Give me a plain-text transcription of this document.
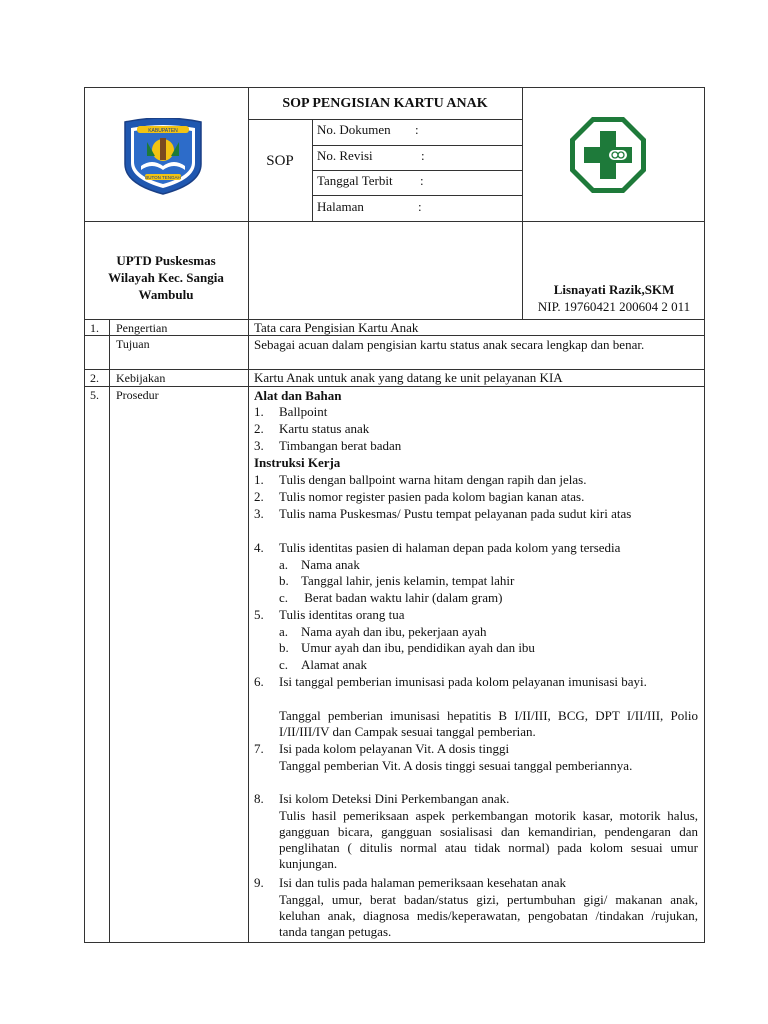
KABUPATEN
BUTON TENGAH
SOP PENGISIAN KARTU ANAK
SOP
No. Dokumen :
No. Revisi	:
Tanggal Terbit :
Halaman	:
UPTD Puskesmas
Wilayah Kec. Sangia
Wambulu	Lisnayati Razik,SKM
NIP. 19760421 200604 2 011
1. Pengertian	Tata cara Pengisian Kartu Anak
Tujuan	Sebagai acuan dalam pengisian kartu status anak secara lengkap dan benar.
2. Kebijakan	Kartu Anak untuk anak yang datang ke unit pelayanan KIA
5. Prosedur	Alat dan Bahan
1. Ballpoint
2. Kartu status anak
3. Timbangan berat badan
Instruksi Kerja
1. Tulis dengan ballpoint warna hitam dengan rapih dan jelas.
2. Tulis nomor register pasien pada kolom bagian kanan atas.
3. Tulis nama Puskesmas/ Pustu tempat pelayanan pada sudut kiri atas
4. Tulis identitas pasien di halaman depan pada kolom yang tersedia
a. Nama anak
b. Tanggal lahir, jenis kelamin, tempat lahir
c. Berat badan waktu lahir (dalam gram)
5. Tulis identitas orang tua
a. Nama ayah dan ibu, pekerjaan ayah
b. Umur ayah dan ibu, pendidikan ayah dan ibu
c. Alamat anak
6. Isi tanggal pemberian imunisasi pada kolom pelayanan imunisasi bayi.
Tanggal pemberian imunisasi hepatitis B I/II/III, BCG, DPT I/II/III, Polio I/II/III/IV dan Campak sesuai tanggal pemberian.
7. Isi pada kolom pelayanan Vit. A dosis tinggi
Tanggal pemberian Vit. A dosis tinggi sesuai tanggal pemberiannya.
8. Isi kolom Deteksi Dini Perkembangan anak.
Tulis hasil pemeriksaan aspek perkembangan motorik kasar, motorik halus, gangguan bicara, gangguan sosialisasi dan kemandirian, pendengaran dan penglihatan ( ditulis normal atau tidak normal) pada kolom sesuai umur kunjungan.
9. Isi dan tulis pada halaman pemeriksaan kesehatan anak
Tanggal, umur, berat badan/status gizi, pertumbuhan gigi/ makanan anak, keluhan anak, diagnosa medis/keperawatan, pengobatan /tindakan /rujukan, tanda tangan petugas.
